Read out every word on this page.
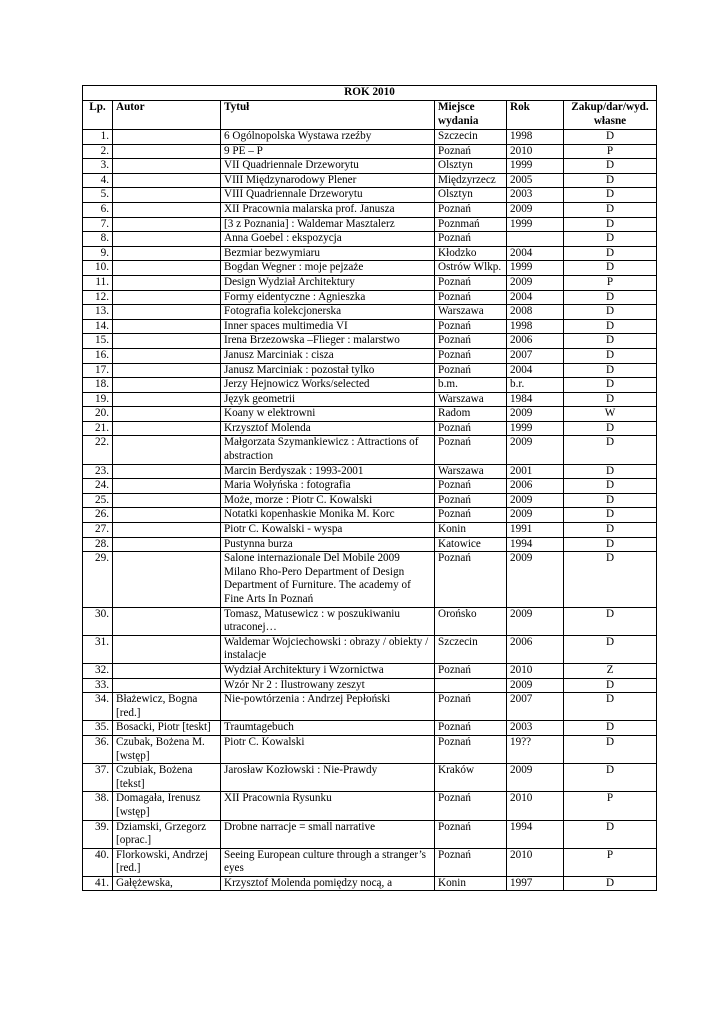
ROK 2010					
Lp.	Autor	Tytuł	Miejsce wydania	Rok	Zakup/dar/wyd. własne
1.		6 Ogólnopolska Wystawa rzeźby	Szczecin	1998	D
2.		9 PE – P	Poznań	2010	P
3.		VII Quadriennale Drzeworytu	Olsztyn	1999	D
4.		VIII Międzynarodowy Plener	Międzyrzecz	2005	D
5.		VIII Quadriennale Drzeworytu	Olsztyn	2003	D
6.		XII Pracownia malarska prof. Janusza	Poznań	2009	D
7.		[3 z Poznania] : Waldemar Masztalerz	Poznmań	1999	D
8.		Anna Goebel : ekspozycja	Poznań		D
9.		Bezmiar bezwymiaru	Kłodzko	2004	D
10.		Bogdan Wegner : moje pejzaże	Ostrów Wlkp.	1999	D
11.		Design Wydział Architektury	Poznań	2009	P
12.		Formy eidentyczne : Agnieszka	Poznań	2004	D
13.		Fotografia kolekcjonerska	Warszawa	2008	D
14.		Inner spaces multimedia VI	Poznań	1998	D
15.		Irena Brzezowska –Flieger : malarstwo	Poznań	2006	D
16.		Janusz Marciniak : cisza	Poznań	2007	D
17.		Janusz Marciniak : pozostał tylko	Poznań	2004	D
18.		Jerzy Hejnowicz Works/selected	b.m.	b.r.	D
19.		Język geometrii	Warszawa	1984	D
20.		Koany w elektrowni	Radom	2009	W
21.		Krzysztof Molenda	Poznań	1999	D
22.		Małgorzata Szymankiewicz : Attractions of abstraction	Poznań	2009	D
23.		Marcin Berdyszak : 1993-2001	Warszawa	2001	D
24.		Maria Wołyńska : fotografia	Poznań	2006	D
25.		Może, morze : Piotr C. Kowalski	Poznań	2009	D
26.		Notatki kopenhaskie Monika M. Korc	Poznań	2009	D
27.		Piotr C. Kowalski - wyspa	Konin	1991	D
28.		Pustynna burza	Katowice	1994	D
29.		Salone internazionale Del Mobile 2009 Milano Rho-Pero Department of Design Department of Furniture. The academy of Fine Arts In Poznań	Poznań	2009	D
30.		Tomasz, Matusewicz : w poszukiwaniu utraconej…	Orońsko	2009	D
31.		Waldemar Wojciechowski : obrazy / obiekty / instalacje	Szczecin	2006	D
32.		Wydział Architektury i Wzornictwa	Poznań	2010	Z
33.		Wzór Nr 2 : Ilustrowany zeszyt		2009	D
34.	Błażewicz, Bogna [red.]	Nie-powtórzenia : Andrzej Pepłoński	Poznań	2007	D
35.	Bosacki, Piotr [teskt]	Traumtagebuch	Poznań	2003	D
36.	Czubak, Bożena M. [wstęp]	Piotr C. Kowalski	Poznań	19??	D
37.	Czubiak, Bożena [tekst]	Jarosław Kozłowski : Nie-Prawdy	Kraków	2009	D
38.	Domagała, Irenusz [wstęp]	XII Pracownia Rysunku	Poznań	2010	P
39.	Dziamski, Grzegorz [oprac.]	Drobne narracje = small narrative	Poznań	1994	D
40.	Florkowski, Andrzej [red.]	Seeing European culture through a stranger’s eyes	Poznań	2010	P
41.	Gałężewska,	Krzysztof Molenda pomiędzy nocą, a	Konin	1997	D
